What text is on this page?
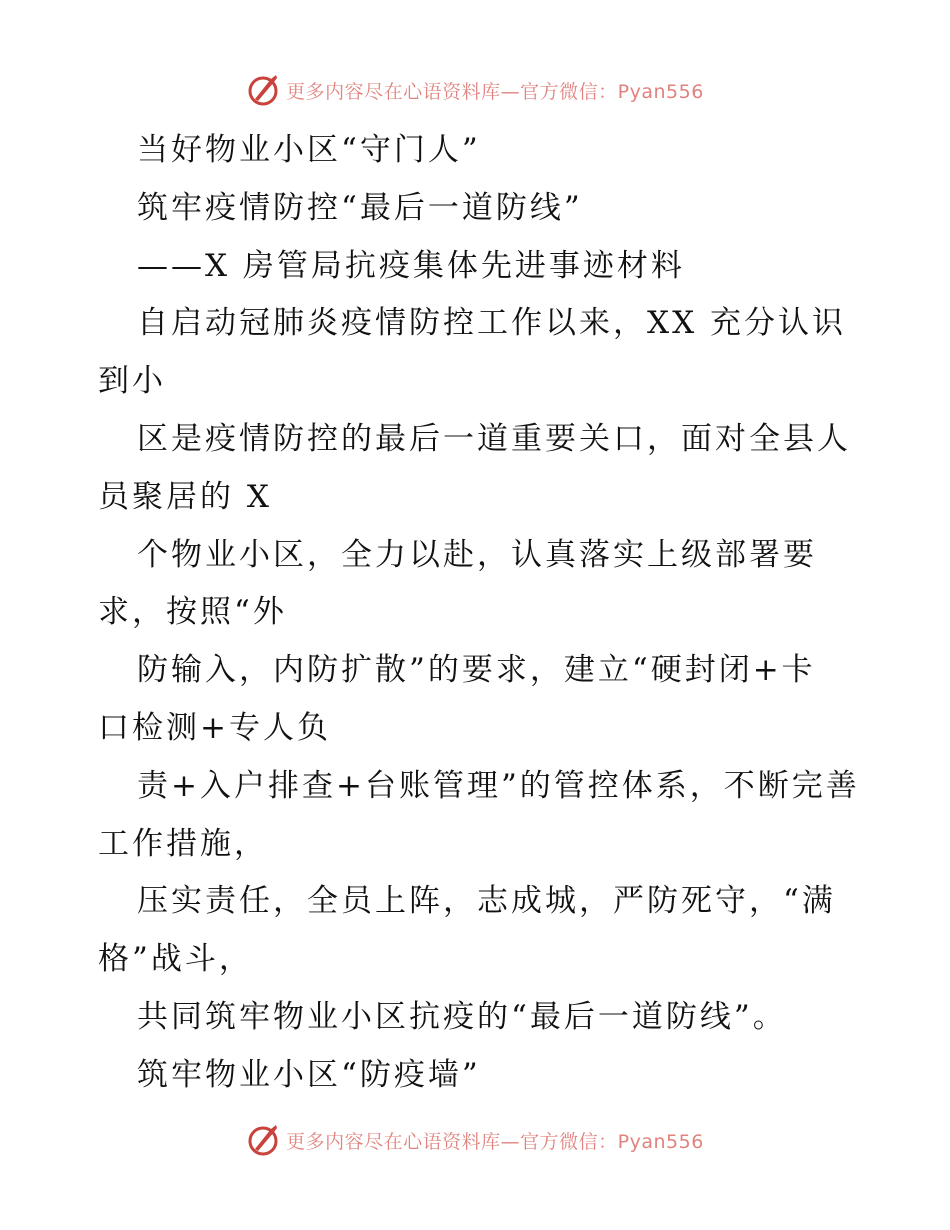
更多内容尽在心语资料库—官方微信：Pyan556
当好物业小区“守门人”
筑牢疫情防控“最后一道防线”
——X 房管局抗疫集体先进事迹材料
自启动冠肺炎疫情防控工作以来，XX 充分认识
到小
区是疫情防控的最后一道重要关口，面对全县人
员聚居的 X
个物业小区，全力以赴，认真落实上级部署要
求，按照“外
防输入，内防扩散”的要求，建立“硬封闭+卡
口检测+专人负
责+入户排查+台账管理”的管控体系，不断完善
工作措施，
压实责任，全员上阵，志成城，严防死守，“满
格”战斗，
共同筑牢物业小区抗疫的“最后一道防线”。
筑牢物业小区“防疫墙”
更多内容尽在心语资料库—官方微信：Pyan556
